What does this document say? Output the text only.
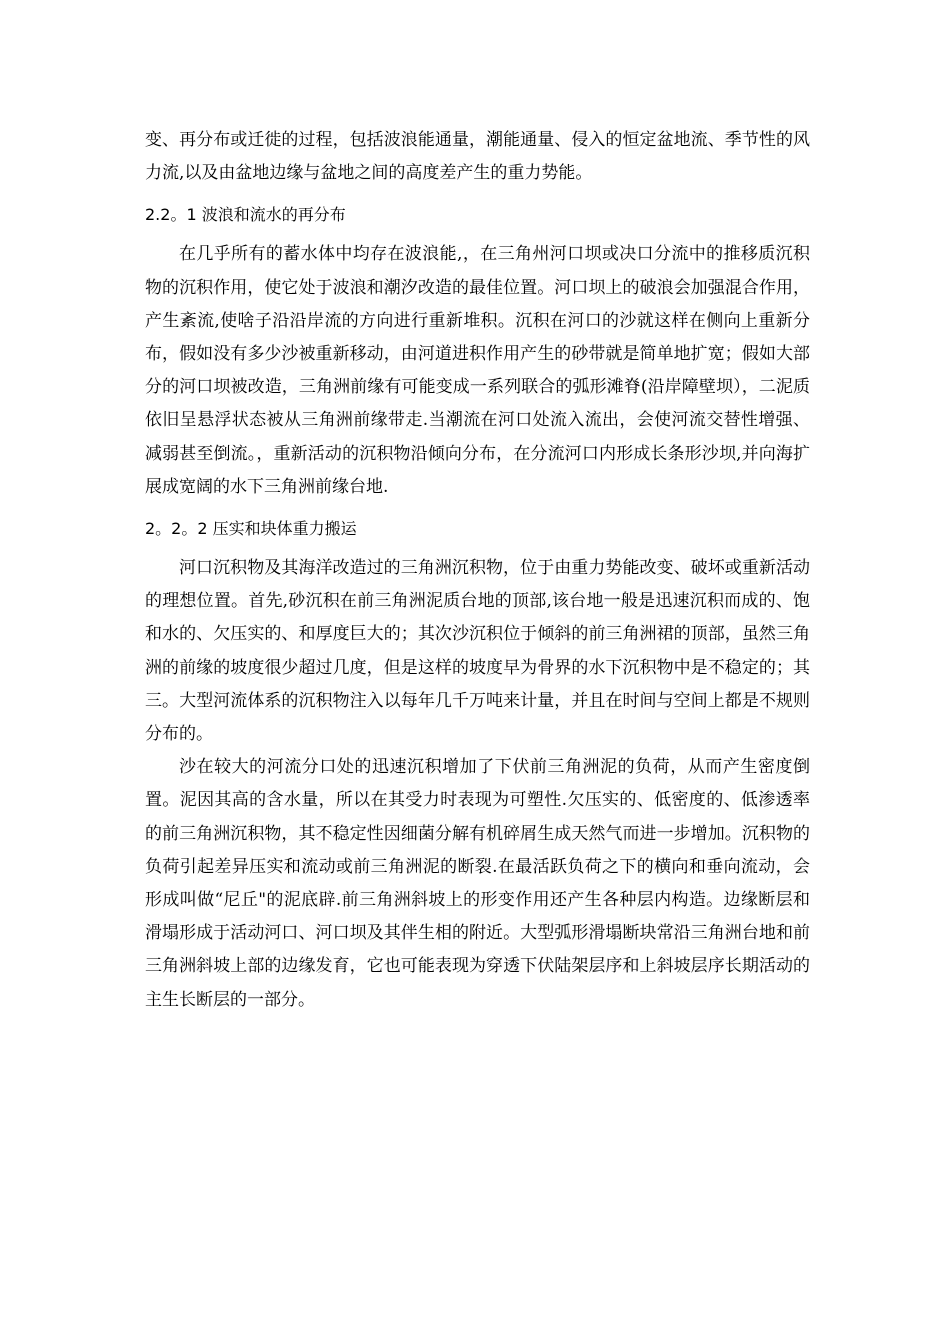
变、再分布或迁徙的过程，包括波浪能通量，潮能通量、侵入的恒定盆地流、季节性的风力流,以及由盆地边缘与盆地之间的高度差产生的重力势能。

2.2。1 波浪和流水的再分布

在几乎所有的蓄水体中均存在波浪能,，在三角州河口坝或决口分流中的推移质沉积物的沉积作用，使它处于波浪和潮汐改造的最佳位置。河口坝上的破浪会加强混合作用，产生紊流,使啥子沿沿岸流的方向进行重新堆积。沉积在河口的沙就这样在侧向上重新分布，假如没有多少沙被重新移动，由河道进积作用产生的砂带就是简单地扩宽；假如大部分的河口坝被改造，三角洲前缘有可能变成一系列联合的弧形滩脊(沿岸障壁坝），二泥质依旧呈悬浮状态被从三角洲前缘带走.当潮流在河口处流入流出，会使河流交替性增强、减弱甚至倒流。，重新活动的沉积物沿倾向分布，在分流河口内形成长条形沙坝,并向海扩展成宽阔的水下三角洲前缘台地.

2。2。2 压实和块体重力搬运

河口沉积物及其海洋改造过的三角洲沉积物，位于由重力势能改变、破坏或重新活动的理想位置。首先,砂沉积在前三角洲泥质台地的顶部,该台地一般是迅速沉积而成的、饱和水的、欠压实的、和厚度巨大的；其次沙沉积位于倾斜的前三角洲裙的顶部，虽然三角洲的前缘的坡度很少超过几度，但是这样的坡度早为骨界的水下沉积物中是不稳定的；其三。大型河流体系的沉积物注入以每年几千万吨来计量，并且在时间与空间上都是不规则分布的。

沙在较大的河流分口处的迅速沉积增加了下伏前三角洲泥的负荷，从而产生密度倒置。泥因其高的含水量，所以在其受力时表现为可塑性.欠压实的、低密度的、低渗透率的前三角洲沉积物，其不稳定性因细菌分解有机碎屑生成天然气而进一步增加。沉积物的负荷引起差异压实和流动或前三角洲泥的断裂.在最活跃负荷之下的横向和垂向流动，会形成叫做“尼丘"的泥底辟.前三角洲斜坡上的形变作用还产生各种层内构造。边缘断层和滑塌形成于活动河口、河口坝及其伴生相的附近。大型弧形滑塌断块常沿三角洲台地和前三角洲斜坡上部的边缘发育，它也可能表现为穿透下伏陆架层序和上斜坡层序长期活动的主生长断层的一部分。
